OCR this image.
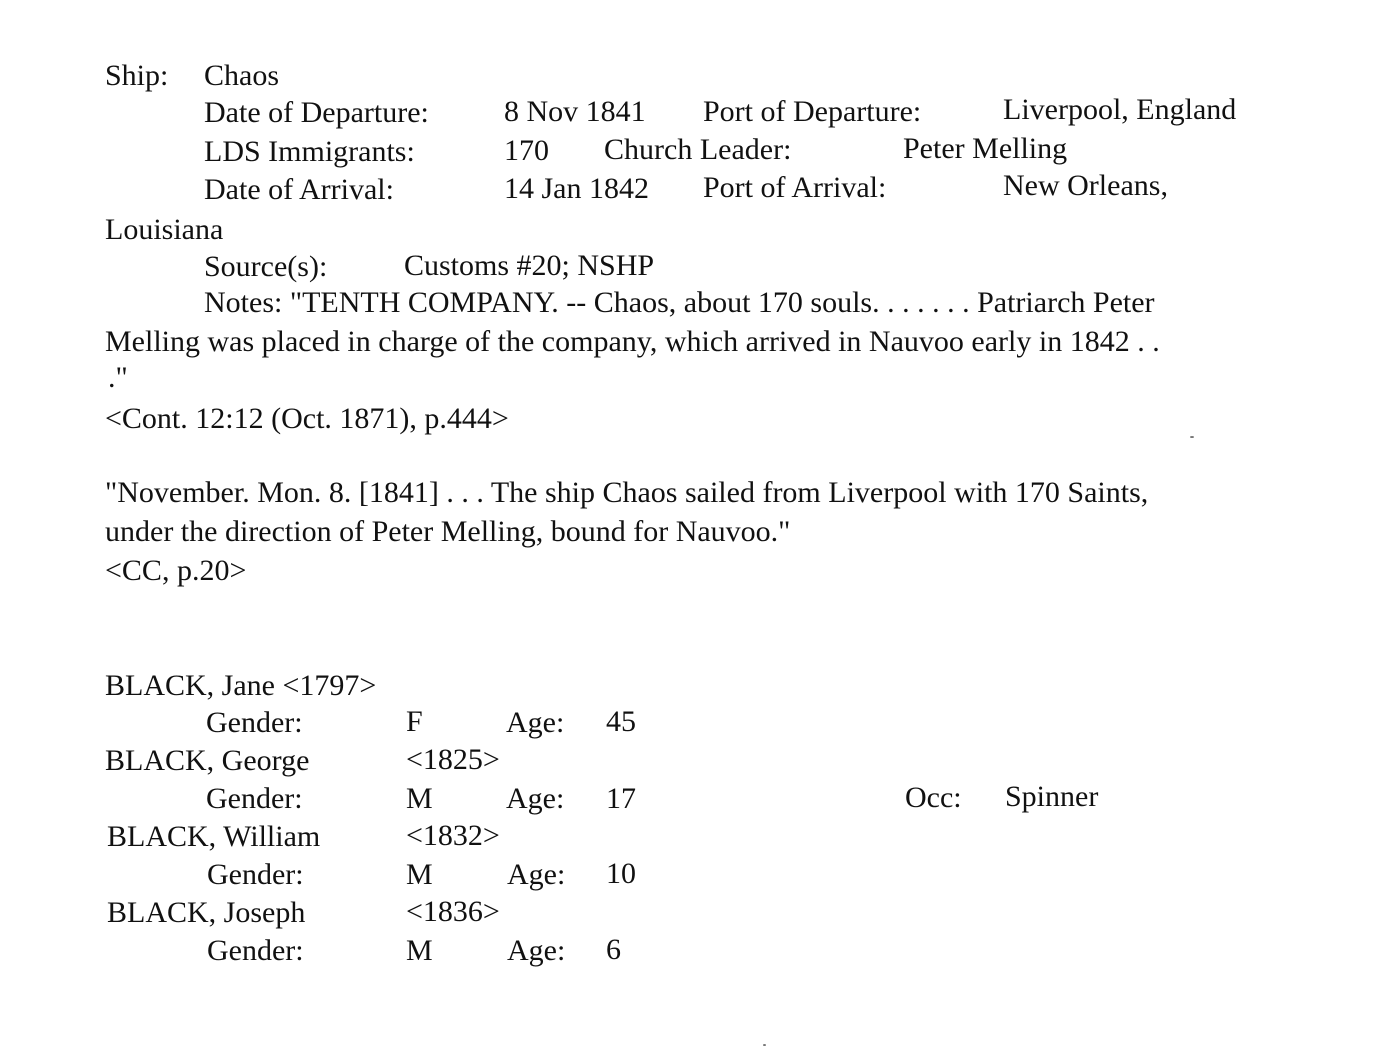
Ship: Chaos
Date of Departure:	8 Nov 1841 Port of Departure:	Liverpool, England
LDS Immigrants:	170 Church Leader:	Peter Melling
Date of Arrival:	14 Jan 1842 Port of Arrival:	New Orleans,
Louisiana
Source(s):	Customs #20; NSHP
Notes: "TENTH COMPANY. -- Chaos, about 170 souls. . . . . . . Patriarch Peter
Melling was placed in charge of the company, which arrived in Nauvoo early in 1842 . .
."
<Cont. 12:12 (Oct. 1871), p.444>
"November. Mon. 8. [1841] . . . The ship Chaos sailed from Liverpool with 170 Saints,
under the direction of Peter Melling, bound for Nauvoo."
<CC, p.20>
BLACK, Jane <1797>
Gender:	F	Age: 45
BLACK, George	<1825>
Gender:	M Age: 17	Occ: Spinner
BLACK, William	<1832>
Gender:	M Age: 10
BLACK, Joseph	<1836>
Gender:	M Age: 6
